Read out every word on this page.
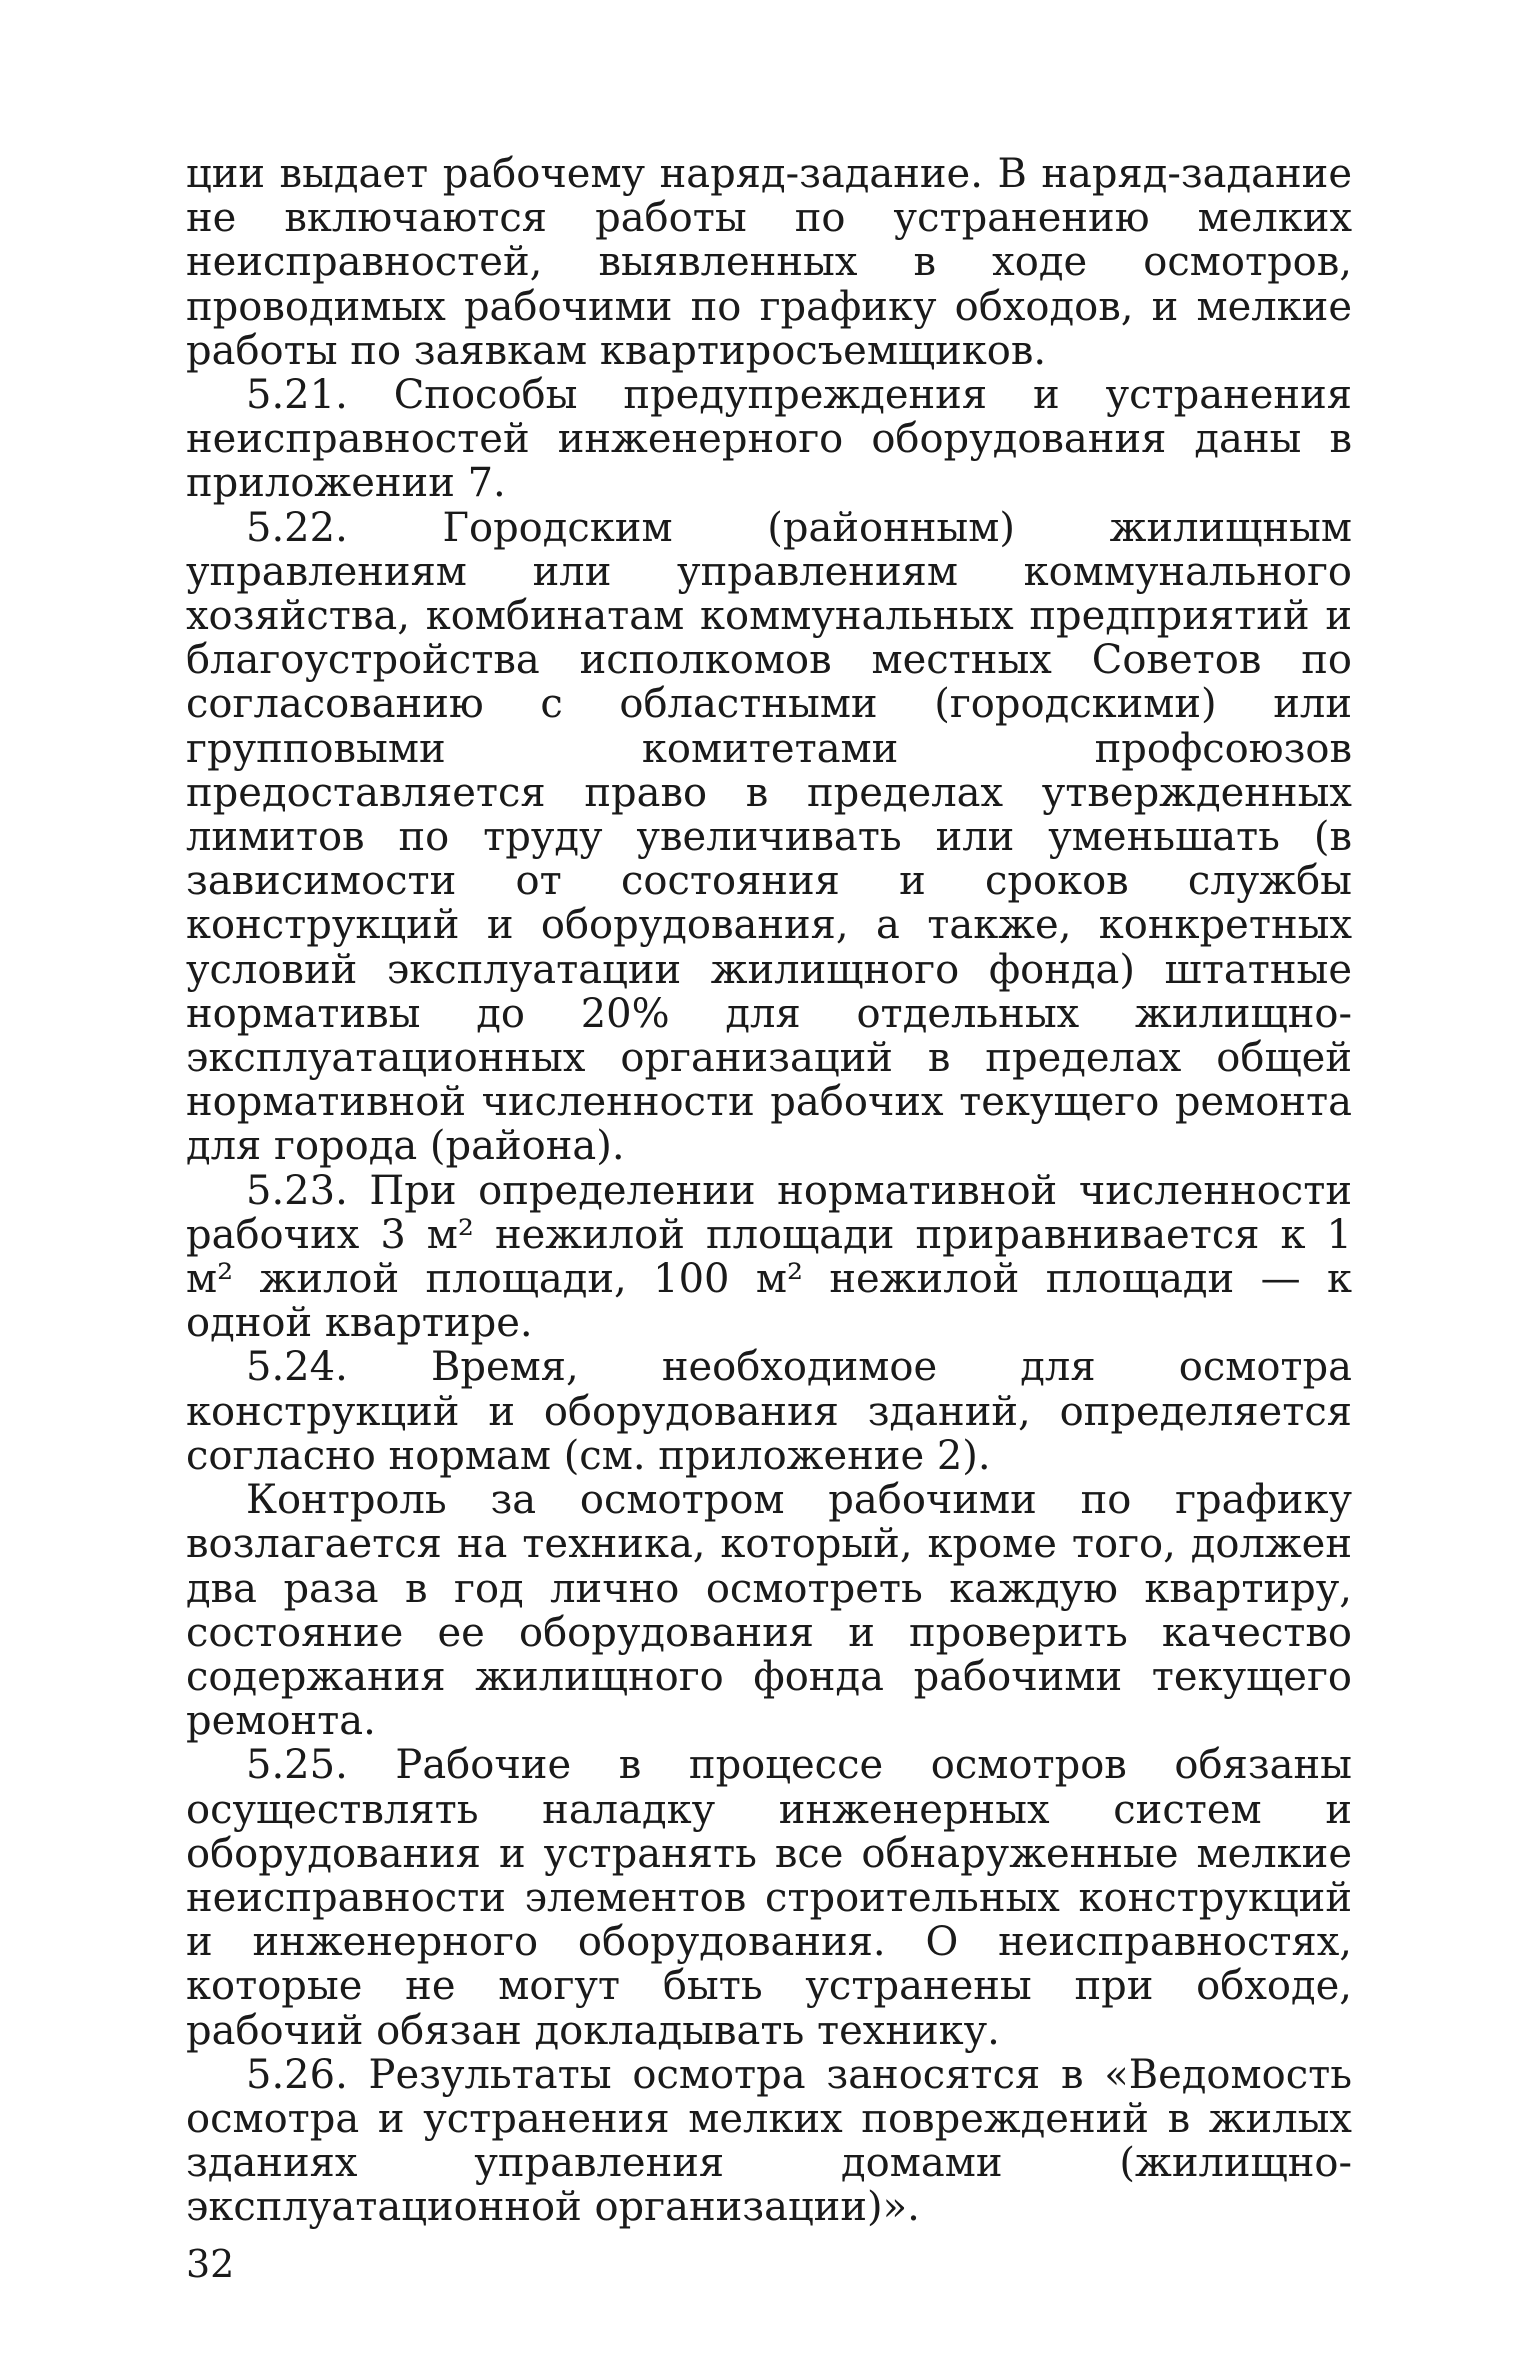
ции выдает рабочему наряд-задание. В наряд-задание не включаются работы по устранению мелких неисправностей, выявленных в ходе осмотров, проводимых рабочими по графику обходов, и мелкие работы по заявкам квартиросъемщиков.

5.21. Способы предупреждения и устранения неисправностей инженерного оборудования даны в приложении 7.

5.22. Городским (районным) жилищным управлениям или управлениям коммунального хозяйства, комбинатам коммунальных предприятий и благоустройства исполкомов местных Советов по согласованию с областными (городскими) или групповыми комитетами профсоюзов предоставляется право в пределах утвержденных лимитов по труду увеличивать или уменьшать (в зависимости от состояния и сроков службы конструкций и оборудования, а также, конкретных условий эксплуатации жилищного фонда) штатные нормативы до 20% для отдельных жилищно-эксплуатационных организаций в пределах общей нормативной численности рабочих текущего ремонта для города (района).

5.23. При определении нормативной численности рабочих 3 м² нежилой площади приравнивается к 1 м² жилой площади, 100 м² нежилой площади — к одной квартире.

5.24. Время, необходимое для осмотра конструкций и оборудования зданий, определяется согласно нормам (см. приложение 2).

Контроль за осмотром рабочими по графику возлагается на техника, который, кроме того, должен два раза в год лично осмотреть каждую квартиру, состояние ее оборудования и проверить качество содержания жилищного фонда рабочими текущего ремонта.

5.25. Рабочие в процессе осмотров обязаны осуществлять наладку инженерных систем и оборудования и устранять все обнаруженные мелкие неисправности элементов строительных конструкций и инженерного оборудования. О неисправностях, которые не могут быть устранены при обходе, рабочий обязан докладывать технику.

5.26. Результаты осмотра заносятся в «Ведомость осмотра и устранения мелких повреждений в жилых зданиях управления домами (жилищно-эксплуатационной организации)».

32
